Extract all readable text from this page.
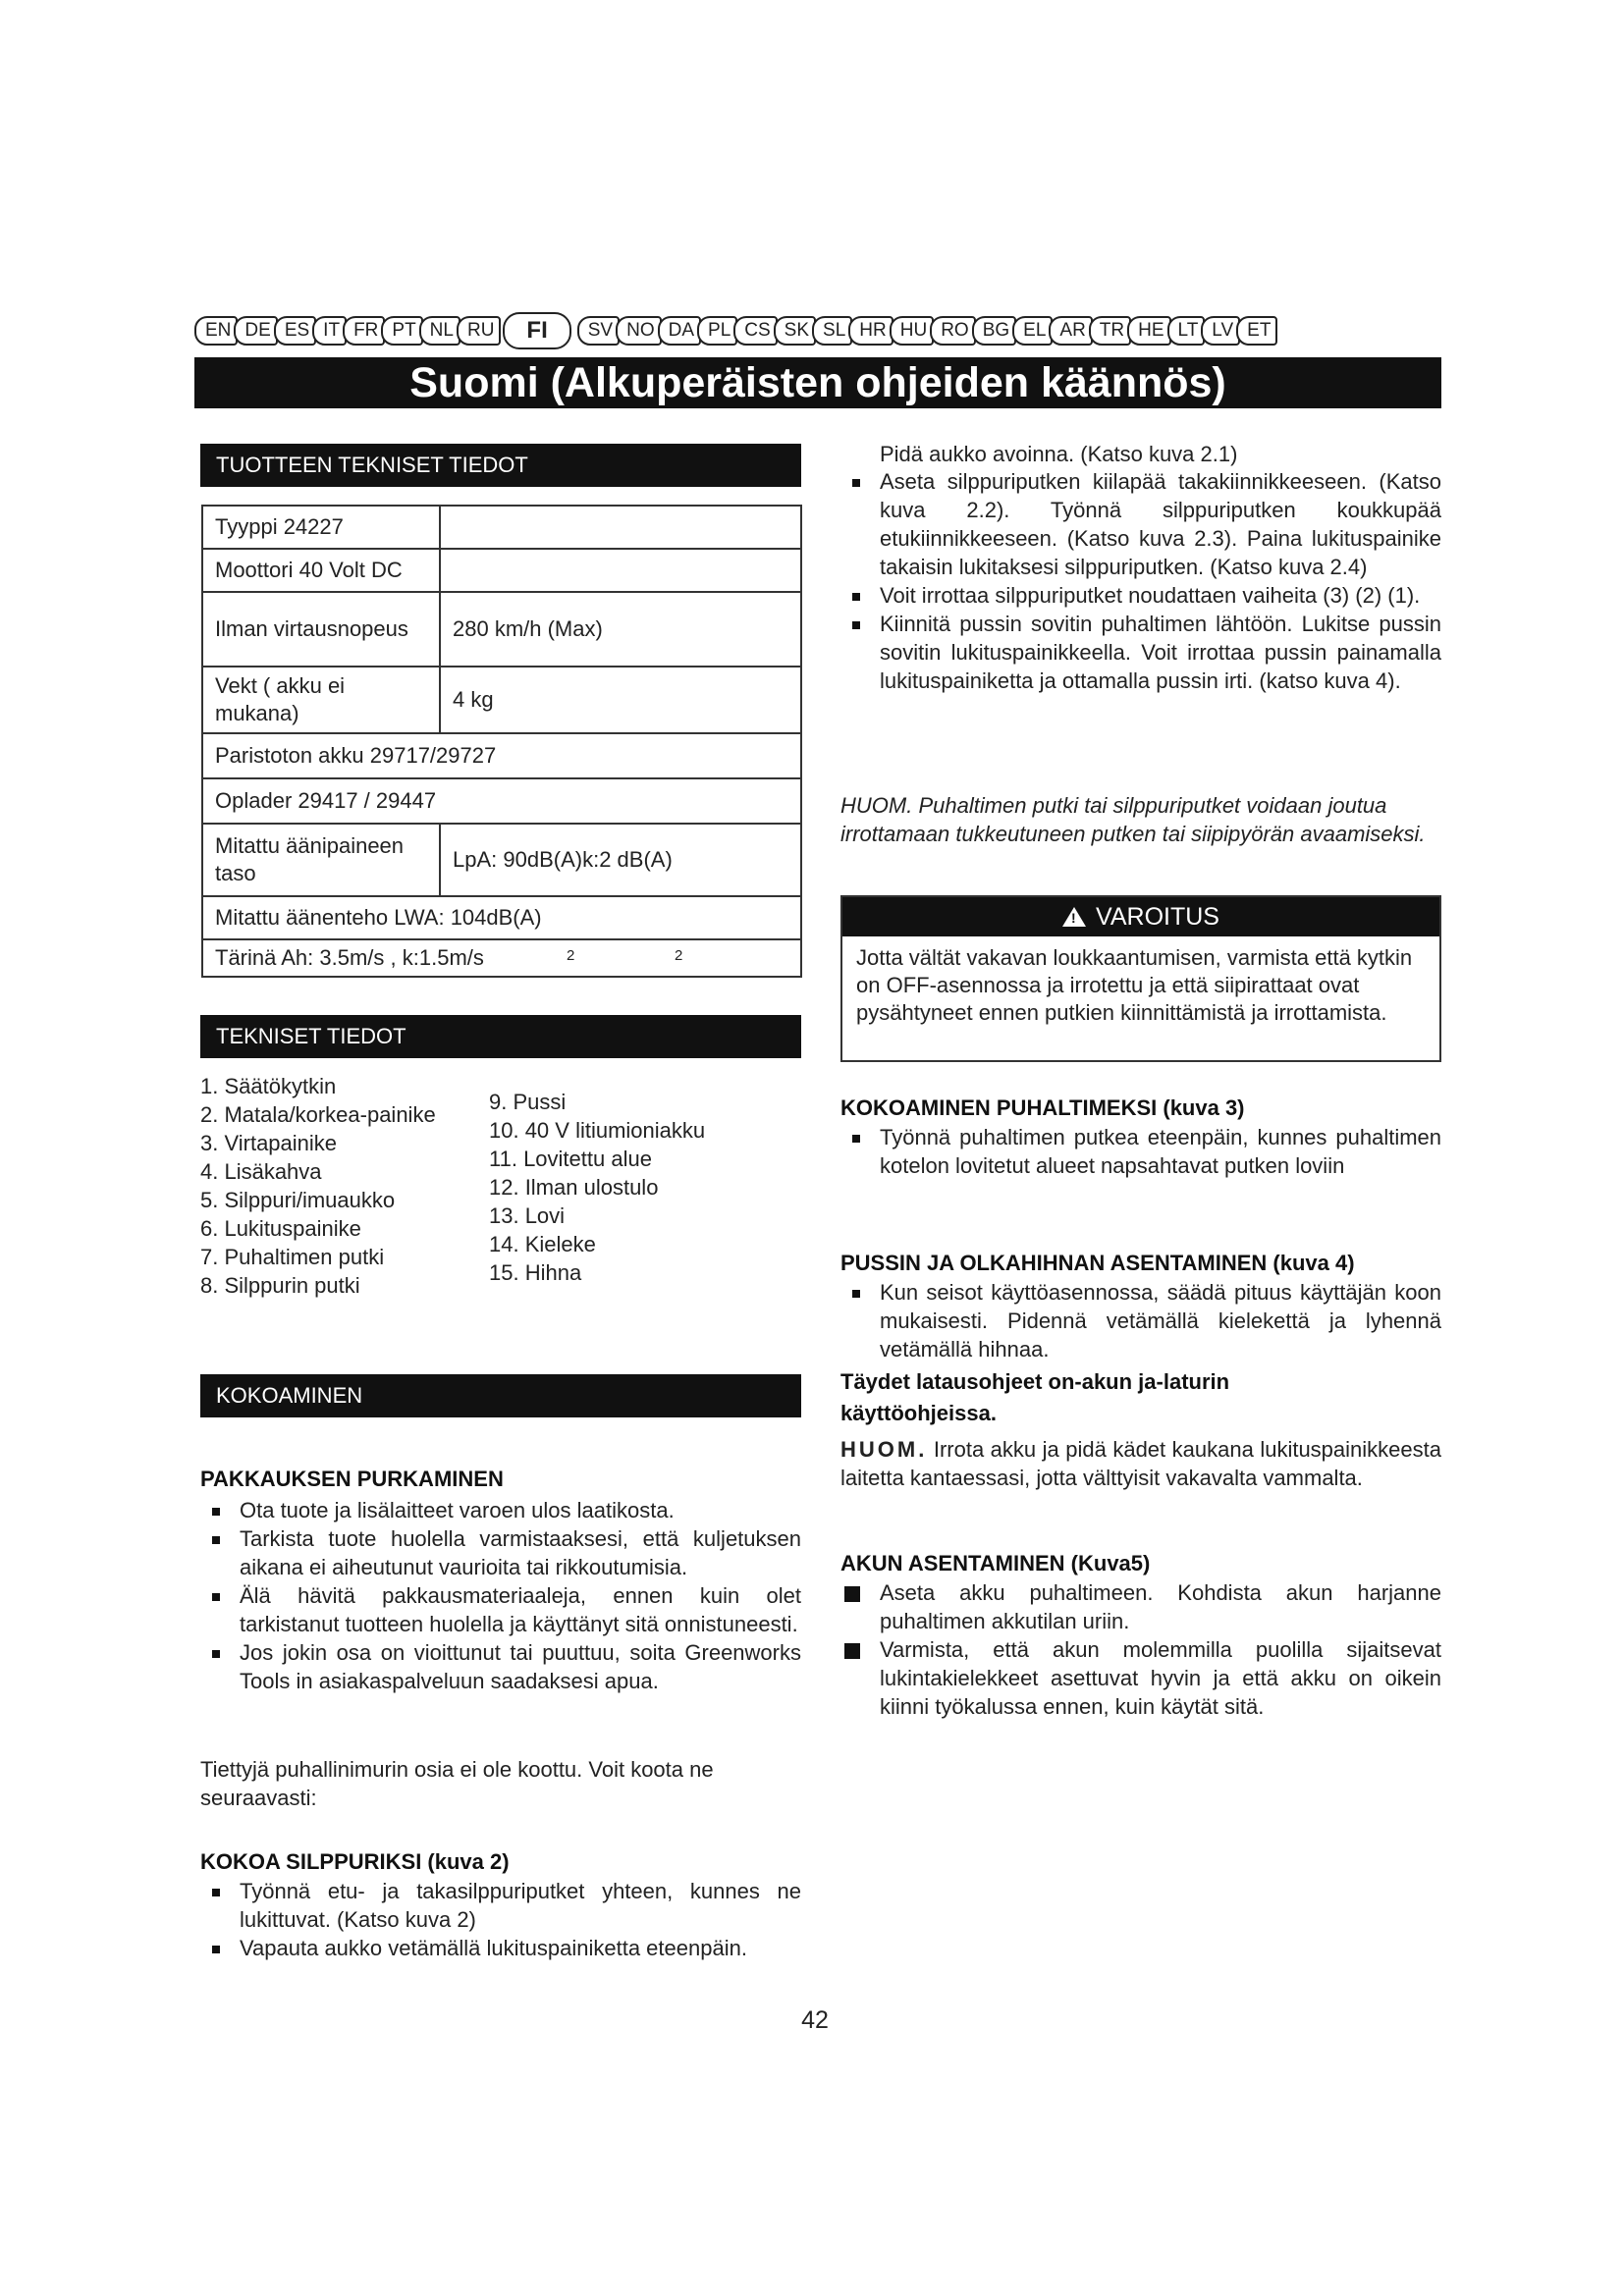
EN DE ES IT FR PT NL RU	FI	SV NO DA PL CS SK SL HR HU RO BG EL AR TR HE LT LV ET
Suomi (Alkuperäisten ohjeiden käännös)
TUOTTEEN TEKNISET TIEDOT
Tyyppi 24227	
Moottori 40 Volt DC	
Ilman virtausnopeus	280 km/h (Max)
Vekt ( akku ei mukana)	4 kg
Paristoton akku 29717/29727	
Oplader 29417 / 29447	
Mitattu äänipaineen taso	LpA: 90dB(A)k:2 dB(A)
Mitattu äänenteho LWA: 104dB(A)	
Tärinä Ah: 3.5m/s , k:1.5m/s 2 2	
TEKNISET TIEDOT
1. Säätökytkin
2. Matala/korkea-painike
3. Virtapainike
4. Lisäkahva
5. Silppuri/imuaukko
6. Lukituspainike
7. Puhaltimen putki
8. Silppurin putki
9. Pussi
10. 40 V litiumioniakku
11. Lovitettu alue
12. Ilman ulostulo
13. Lovi
14. Kieleke
15. Hihna
KOKOAMINEN
PAKKAUKSEN PURKAMINEN
Ota tuote ja lisälaitteet varoen ulos laatikosta.
Tarkista tuote huolella varmistaaksesi, että kuljetuksen aikana ei aiheutunut vaurioita tai rikkoutumisia.
Älä hävitä pakkausmateriaaleja, ennen kuin olet tarkistanut tuotteen huolella ja käyttänyt sitä onnistuneesti.
Jos jokin osa on vioittunut tai puuttuu, soita Greenworks Tools in asiakaspalveluun saadaksesi apua.
Tiettyjä puhallinimurin osia ei ole koottu. Voit koota ne seuraavasti:
KOKOA SILPPURIKSI (kuva 2)
Työnnä etu- ja takasilppuriputket yhteen, kunnes ne lukittuvat. (Katso kuva 2)
Vapauta aukko vetämällä lukituspainiketta eteenpäin.
Pidä aukko avoinna. (Katso kuva 2.1)
Aseta silppuriputken kiilapää takakiinnikkeeseen. (Katso kuva 2.2). Työnnä silppuriputken koukkupää etukiinnikkeeseen. (Katso kuva 2.3). Paina lukituspainike takaisin lukitaksesi silppuriputken. (Katso kuva 2.4)
Voit irrottaa silppuriputket noudattaen vaiheita (3) (2) (1).
Kiinnitä pussin sovitin puhaltimen lähtöön. Lukitse pussin sovitin lukituspainikkeella. Voit irrottaa pussin painamalla lukituspainiketta ja ottamalla pussin irti. (katso kuva 4).
HUOM. Puhaltimen putki tai silppuriputket voidaan joutua irrottamaan tukkeutuneen putken tai siipipyörän avaamiseksi.
!VAROITUS
Jotta vältät vakavan loukkaantumisen, varmista että kytkin on OFF-asennossa ja irrotettu ja että siipirattaat ovat pysähtyneet ennen putkien kiinnittämistä ja irrottamista.
KOKOAMINEN PUHALTIMEKSI (kuva 3)
Työnnä puhaltimen putkea eteenpäin, kunnes puhaltimen kotelon lovitetut alueet napsahtavat putken loviin
PUSSIN JA OLKAHIHNAN ASENTAMINEN (kuva 4)
Kun seisot käyttöasennossa, säädä pituus käyttäjän koon mukaisesti. Pidennä vetämällä kielekettä ja lyhennä vetämällä hihnaa.
Täydet latausohjeet on-akun ja-laturin käyttöohjeissa.
HUOM. Irrota akku ja pidä kädet kaukana lukituspainikkeesta laitetta kantaessasi, jotta välttyisit vakavalta vammalta.
AKUN ASENTAMINEN (Kuva5)
Aseta akku puhaltimeen. Kohdista akun harjanne puhaltimen akkutilan uriin.
Varmista, että akun molemmilla puolilla sijaitsevat lukintakielekkeet asettuvat hyvin ja että akku on oikein kiinni työkalussa ennen, kuin käytät sitä.
42
